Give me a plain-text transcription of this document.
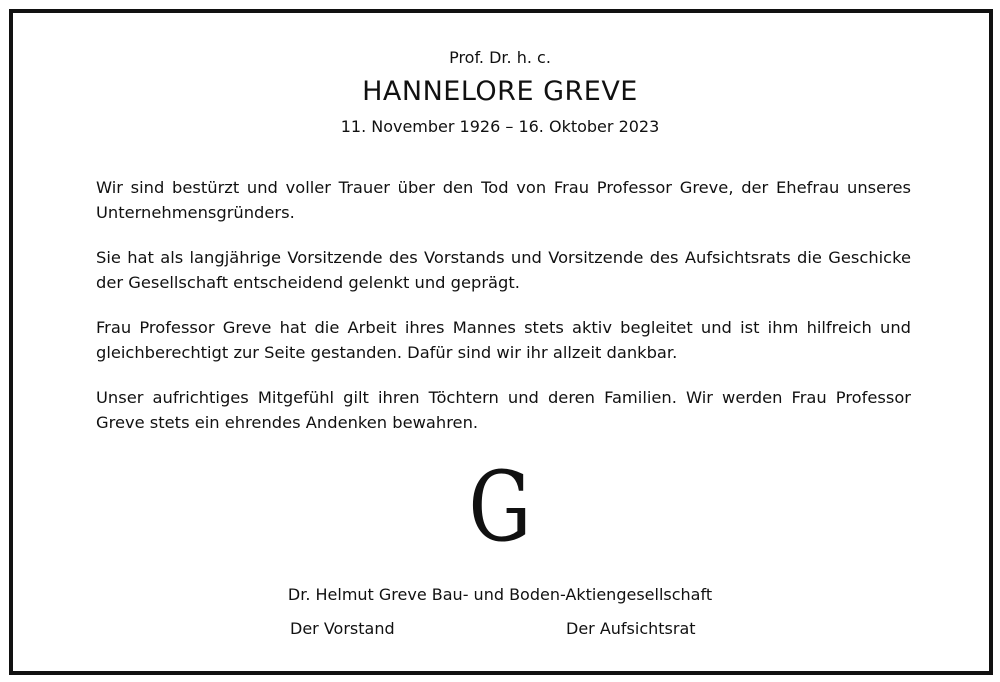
Prof. Dr. h. c.
HANNELORE GREVE
11. November 1926 – 16. Oktober 2023

Wir sind bestürzt und voller Trauer über den Tod von Frau Professor Greve, der Ehefrau unseres Unternehmensgründers.

Sie hat als langjährige Vorsitzende des Vorstands und Vorsitzende des Aufsichtsrats die Geschicke der Gesellschaft entscheidend gelenkt und geprägt.

Frau Professor Greve hat die Arbeit ihres Mannes stets aktiv begleitet und ist ihm hilfreich und gleichberechtigt zur Seite gestanden. Dafür sind wir ihr allzeit dankbar.

Unser aufrichtiges Mitgefühl gilt ihren Töchtern und deren Familien. Wir werden Frau Professor Greve stets ein ehrendes Andenken bewahren.

G
Dr. Helmut Greve Bau- und Boden-Aktiengesellschaft
Der Vorstand	Der Aufsichtsrat
